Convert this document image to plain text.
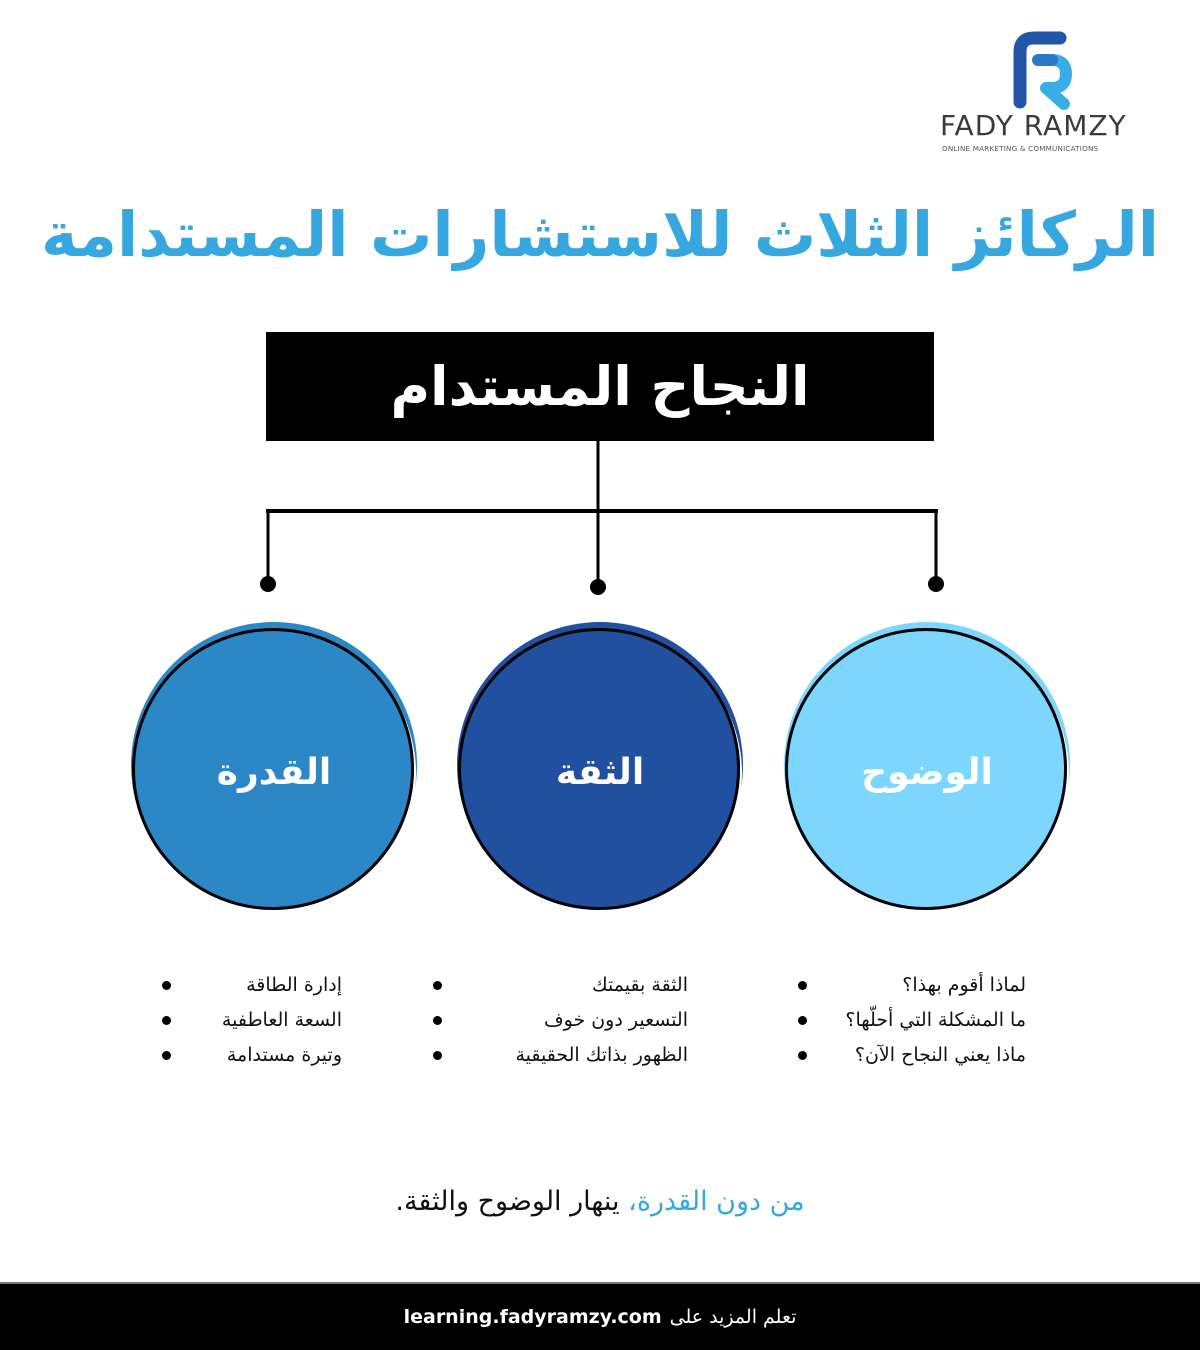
FADY RAMZY
ONLINE MARKETING & COMMUNICATIONS
الركائز الثلاث للاستشارات المستدامة
النجاح المستدام
الوضوح
الثقة
القدرة
لماذا أقوم بهذا؟
ما المشكلة التي أحلّها؟
ماذا يعني النجاح الآن؟
الثقة بقيمتك
التسعير دون خوف
الظهور بذاتك الحقيقية
إدارة الطاقة
السعة العاطفية
وتيرة مستدامة
من دون القدرة، ينهار الوضوح والثقة.
تعلم المزيد على
learning.fadyramzy.com
